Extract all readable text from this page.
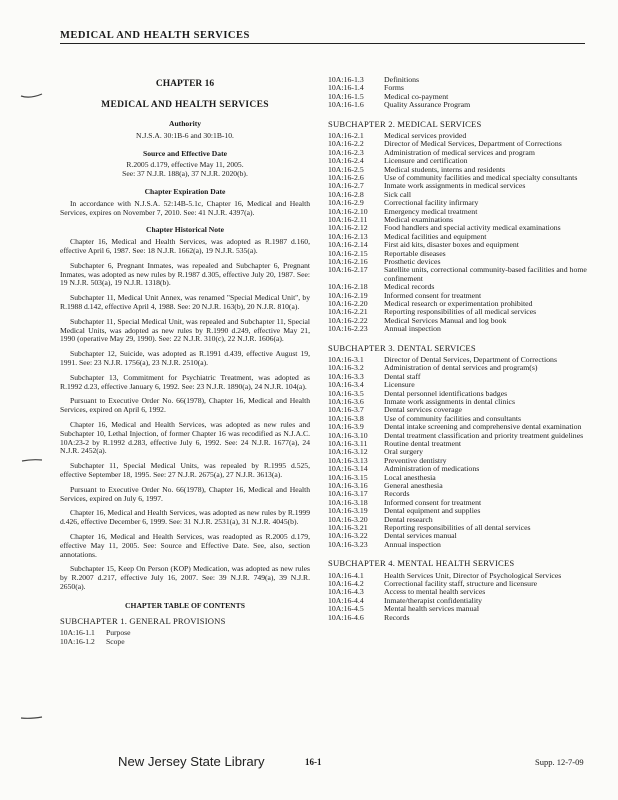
MEDICAL AND HEALTH SERVICES
CHAPTER 16
MEDICAL AND HEALTH SERVICES
Authority
N.J.S.A. 30:1B-6 and 30:1B-10.
Source and Effective Date
R.2005 d.179, effective May 11, 2005.
See: 37 N.J.R. 188(a), 37 N.J.R. 2020(b).
Chapter Expiration Date
In accordance with N.J.S.A. 52:14B-5.1c, Chapter 16, Medical and Health Services, expires on November 7, 2010. See: 41 N.J.R. 4397(a).
Chapter Historical Note

Chapter 16, Medical and Health Services, was adopted as R.1987 d.160, effective April 6, 1987. See: 18 N.J.R. 1662(a), 19 N.J.R. 535(a).

Subchapter 6, Pregnant Inmates, was repealed and Subchapter 6, Pregnant Inmates, was adopted as new rules by R.1987 d.305, effective July 20, 1987. See: 19 N.J.R. 503(a), 19 N.J.R. 1318(b).

Subchapter 11, Medical Unit Annex, was renamed "Special Medical Unit", by R.1988 d.142, effective April 4, 1988. See: 20 N.J.R. 163(b), 20 N.J.R. 810(a).

Subchapter 11, Special Medical Unit, was repealed and Subchapter 11, Special Medical Units, was adopted as new rules by R.1990 d.249, effective May 21, 1990 (operative May 29, 1990). See: 22 N.J.R. 310(c), 22 N.J.R. 1606(a).

Subchapter 12, Suicide, was adopted as R.1991 d.439, effective August 19, 1991. See: 23 N.J.R. 1756(a), 23 N.J.R. 2510(a).

Subchapter 13, Commitment for Psychiatric Treatment, was adopted as R.1992 d.23, effective January 6, 1992. See: 23 N.J.R. 1890(a), 24 N.J.R. 104(a).

Pursuant to Executive Order No. 66(1978), Chapter 16, Medical and Health Services, expired on April 6, 1992.

Chapter 16, Medical and Health Services, was adopted as new rules and Subchapter 10, Lethal Injection, of former Chapter 16 was recodified as N.J.A.C. 10A:23-2 by R.1992 d.283, effective July 6, 1992. See: 24 N.J.R. 1677(a), 24 N.J.R. 2452(a).

Subchapter 11, Special Medical Units, was repealed by R.1995 d.525, effective September 18, 1995. See: 27 N.J.R. 2675(a), 27 N.J.R. 3613(a).

Pursuant to Executive Order No. 66(1978), Chapter 16, Medical and Health Services, expired on July 6, 1997.

Chapter 16, Medical and Health Services, was adopted as new rules by R.1999 d.426, effective December 6, 1999. See: 31 N.J.R. 2531(a), 31 N.J.R. 4045(b).

Chapter 16, Medical and Health Services, was readopted as R.2005 d.179, effective May 11, 2005. See: Source and Effective Date. See, also, section annotations.

Subchapter 15, Keep On Person (KOP) Medication, was adopted as new rules by R.2007 d.217, effective July 16, 2007. See: 39 N.J.R. 749(a), 39 N.J.R. 2650(a).

CHAPTER TABLE OF CONTENTS
SUBCHAPTER 1. GENERAL PROVISIONS
10A:16-1.1	Purpose
10A:16-1.2	Scope
10A:16-1.3	Definitions
10A:16-1.4	Forms
10A:16-1.5	Medical co-payment
10A:16-1.6	Quality Assurance Program
SUBCHAPTER 2. MEDICAL SERVICES
10A:16-2.1	Medical services provided
10A:16-2.2	Director of Medical Services, Department of Corrections
10A:16-2.3	Administration of medical services and program
10A:16-2.4	Licensure and certification
10A:16-2.5	Medical students, interns and residents
10A:16-2.6	Use of community facilities and medical specialty consultants
10A:16-2.7	Inmate work assignments in medical services
10A:16-2.8	Sick call
10A:16-2.9	Correctional facility infirmary
10A:16-2.10	Emergency medical treatment
10A:16-2.11	Medical examinations
10A:16-2.12	Food handlers and special activity medical examinations
10A:16-2.13	Medical facilities and equipment
10A:16-2.14	First aid kits, disaster boxes and equipment
10A:16-2.15	Reportable diseases
10A:16-2.16	Prosthetic devices
10A:16-2.17	Satellite units, correctional community-based facilities and home confinement
10A:16-2.18	Medical records
10A:16-2.19	Informed consent for treatment
10A:16-2.20	Medical research or experimentation prohibited
10A:16-2.21	Reporting responsibilities of all medical services
10A:16-2.22	Medical Services Manual and log book
10A:16-2.23	Annual inspection
SUBCHAPTER 3. DENTAL SERVICES
10A:16-3.1	Director of Dental Services, Department of Corrections
10A:16-3.2	Administration of dental services and program(s)
10A:16-3.3	Dental staff
10A:16-3.4	Licensure
10A:16-3.5	Dental personnel identifications badges
10A:16-3.6	Inmate work assignments in dental clinics
10A:16-3.7	Dental services coverage
10A:16-3.8	Use of community facilities and consultants
10A:16-3.9	Dental intake screening and comprehensive dental examination
10A:16-3.10	Dental treatment classification and priority treatment guidelines
10A:16-3.11	Routine dental treatment
10A:16-3.12	Oral surgery
10A:16-3.13	Preventive dentistry
10A:16-3.14	Administration of medications
10A:16-3.15	Local anesthesia
10A:16-3.16	General anesthesia
10A:16-3.17	Records
10A:16-3.18	Informed consent for treatment
10A:16-3.19	Dental equipment and supplies
10A:16-3.20	Dental research
10A:16-3.21	Reporting responsibilities of all dental services
10A:16-3.22	Dental services manual
10A:16-3.23	Annual inspection
SUBCHAPTER 4. MENTAL HEALTH SERVICES
10A:16-4.1	Health Services Unit, Director of Psychological Services
10A:16-4.2	Correctional facility staff, structure and licensure
10A:16-4.3	Access to mental health services
10A:16-4.4	Inmate/therapist confidentiality
10A:16-4.5	Mental health services manual
10A:16-4.6	Records
New Jersey State Library	16-1	Supp. 12-7-09
